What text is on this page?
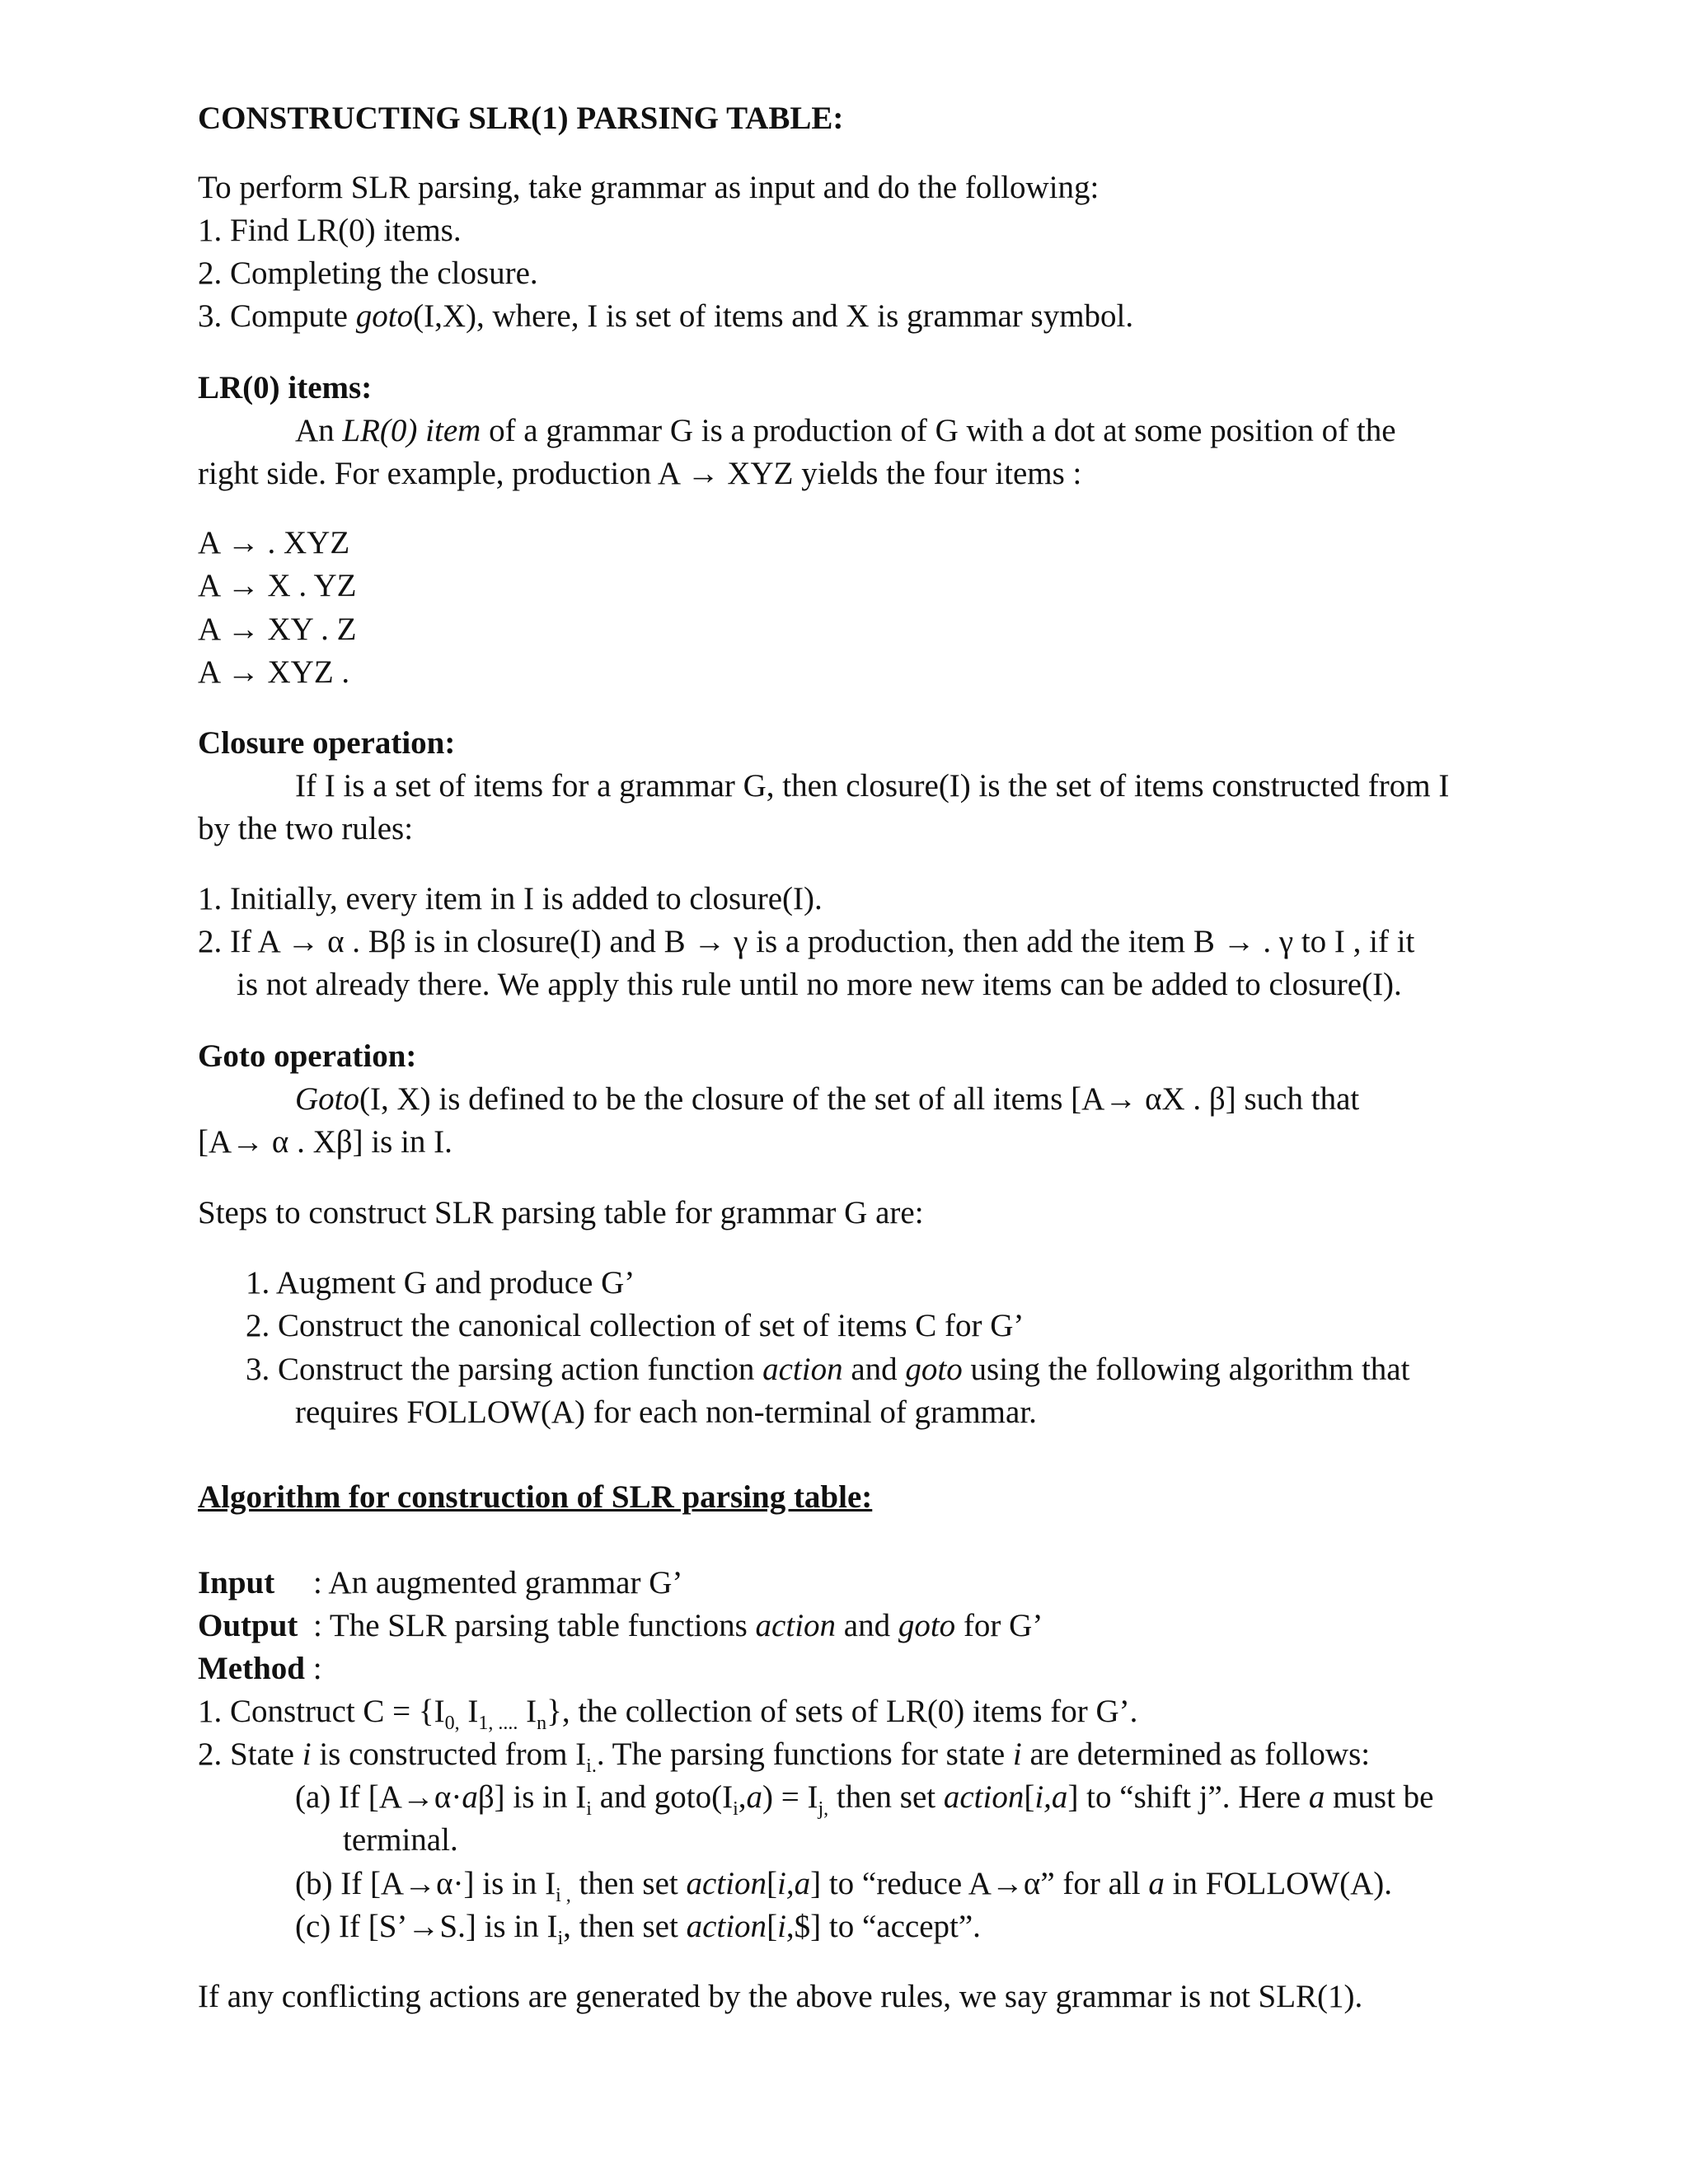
CONSTRUCTING SLR(1) PARSING TABLE:
To perform SLR parsing, take grammar as input and do the following:
1. Find LR(0) items.
2. Completing the closure.
3. Compute goto(I,X), where, I is set of items and X is grammar symbol.
LR(0) items:
An LR(0) item of a grammar G is a production of G with a dot at some position of the
right side. For example, production A → XYZ yields the four items :
A → . XYZ
A → X . YZ
A → XY . Z
A → XYZ .
Closure operation:
If I is a set of items for a grammar G, then closure(I) is the set of items constructed from I
by the two rules:
1. Initially, every item in I is added to closure(I).
2. If A → α . Bβ is in closure(I) and B → γ is a production, then add the item B → . γ to I , if it
is not already there. We apply this rule until no more new items can be added to closure(I).
Goto operation:
Goto(I, X) is defined to be the closure of the set of all items [A→ αX . β] such that
[A→ α . Xβ] is in I.
Steps to construct SLR parsing table for grammar G are:
1. Augment G and produce G’
2. Construct the canonical collection of set of items C for G’
3. Construct the parsing action function action and goto using the following algorithm that
requires FOLLOW(A) for each non-terminal of grammar.
Algorithm for construction of SLR parsing table:
Input : An augmented grammar G’
Output : The SLR parsing table functions action and goto for G’
Method :
1. Construct $C = \{I_{0,}$ $I_{1, ....}$ $I_n$}, the collection of sets of LR(0) items for G’.
2. State i is constructed from $I_{i.}$. The parsing functions for state i are determined as follows:
(a) If [A→α·aβ] is in $I_i$ and $goto(I_i,a) = I_{j,}$ then set action[i,a] to “shift j”. Here a must be
terminal.
(b) If [A→α·] is in $I_{i ,}$ then set action[i,a] to “reduce A→α” for all a in FOLLOW(A).
(c) If [S’→S.] is in $I_i$, then set action[i,$] to “accept”.
If any conflicting actions are generated by the above rules, we say grammar is not SLR(1).
